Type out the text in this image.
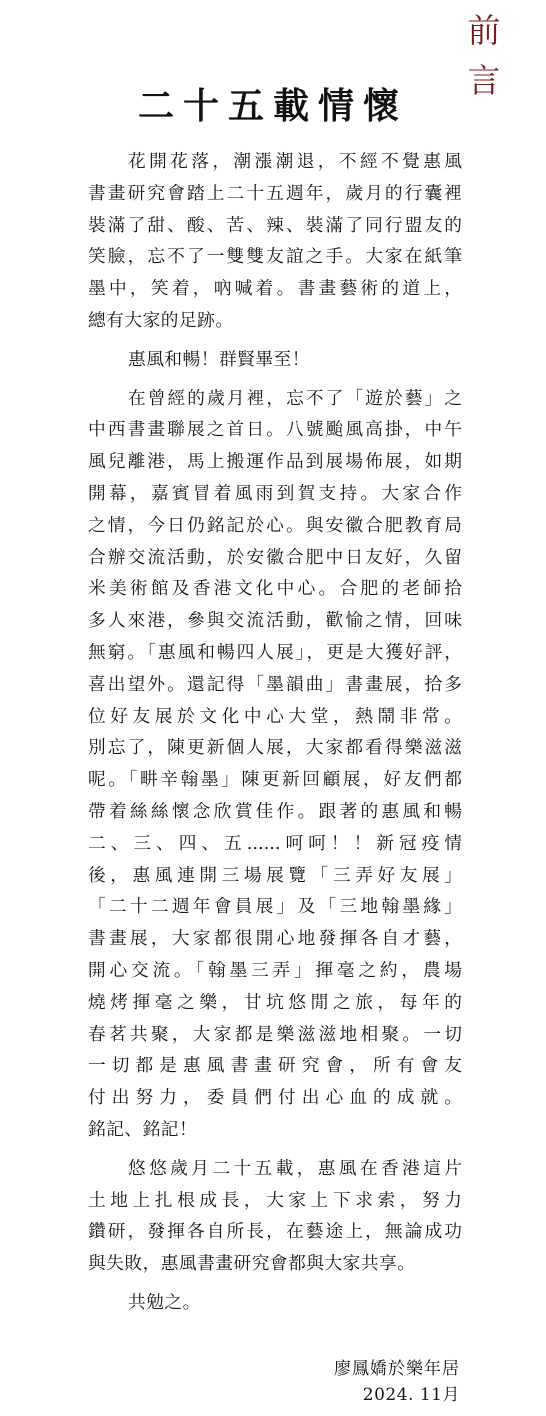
前
言
二十五載情懷
花開花落，潮漲潮退，不經不覺惠風
書畫研究會踏上二十五週年，歲月的行囊裡
裝滿了甜、酸、苦、辣、裝滿了同行盟友的
笑臉，忘不了一雙雙友誼之手。大家在紙筆
墨中，笑着，吶喊着。書畫藝術的道上，
總有大家的足跡。
惠風和暢！群賢畢至！
在曾經的歲月裡，忘不了「遊於藝」之
中西書畫聯展之首日。八號颱風高掛，中午
風兒離港，馬上搬運作品到展場佈展，如期
開幕，嘉賓冒着風雨到賀支持。大家合作
之情，今日仍銘記於心。與安徽合肥教育局
合辦交流活動，於安徽合肥中日友好，久留
米美術館及香港文化中心。合肥的老師拾
多人來港，參與交流活動，歡愉之情，回味
無窮。「惠風和暢四人展」，更是大獲好評，
喜出望外。還記得「墨韻曲」書畫展，拾多
位好友展於文化中心大堂，熱鬧非常。
別忘了，陳更新個人展，大家都看得樂滋滋
呢。「畊辛翰墨」陳更新回顧展，好友們都
帶着絲絲懷念欣賞佳作。跟著的惠風和暢
二、三、四、五......呵呵！！新冠疫情
後，惠風連開三場展覽「三弄好友展」
「二十二週年會員展」及「三地翰墨緣」
書畫展，大家都很開心地發揮各自才藝，
開心交流。「翰墨三弄」揮毫之約，農場
燒烤揮毫之樂，甘坑悠閒之旅，每年的
春茗共聚，大家都是樂滋滋地相聚。一切
一切都是惠風書畫研究會，所有會友
付出努力，委員們付出心血的成就。
銘記、銘記！
悠悠歲月二十五載，惠風在香港這片
土地上扎根成長，大家上下求索，努力
鑽研，發揮各自所長，在藝途上，無論成功
與失敗，惠風書畫研究會都與大家共享。
共勉之。
廖鳳嬌於樂年居
2024. 11月
